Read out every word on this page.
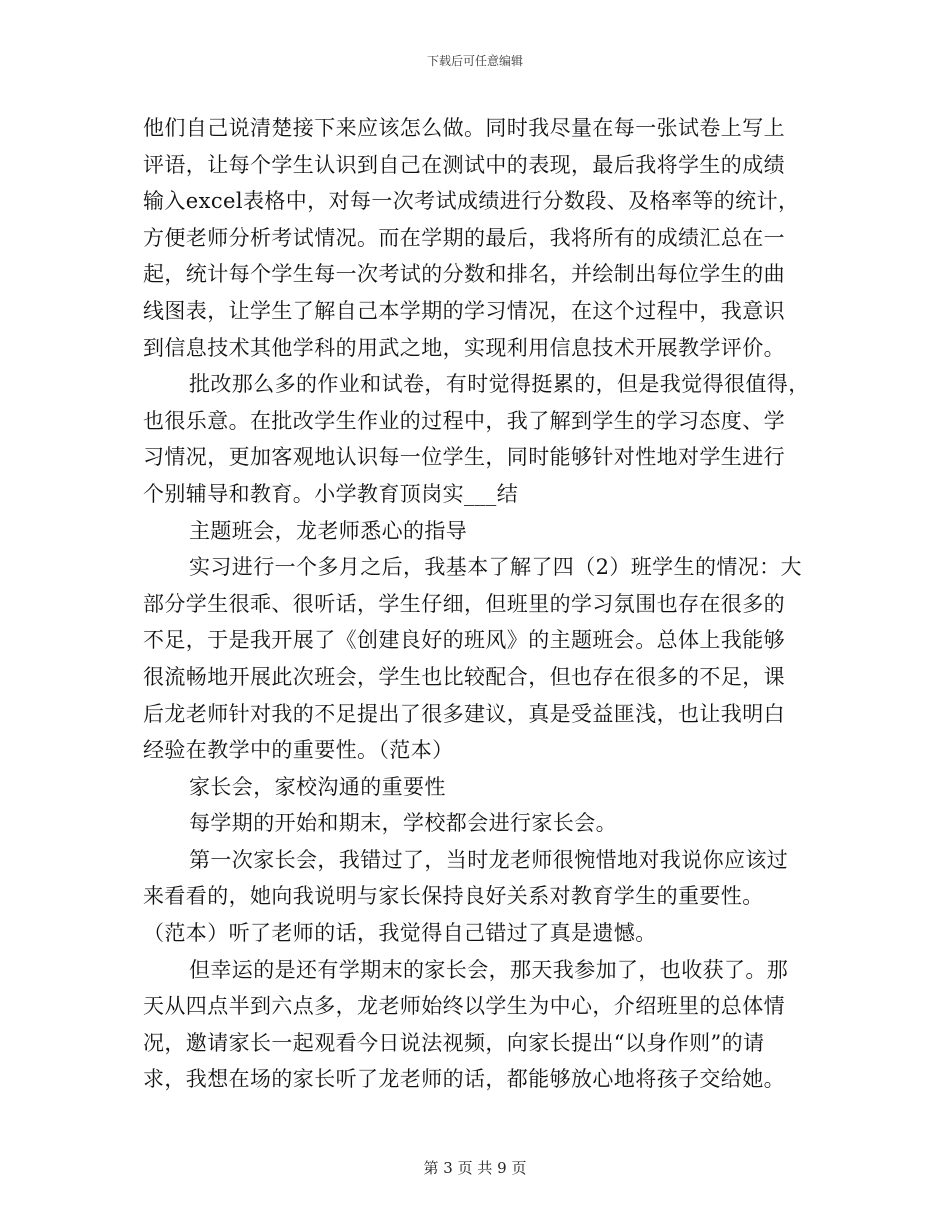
下载后可任意编辑
他们自己说清楚接下来应该怎么做。同时我尽量在每一张试卷上写上
评语，让每个学生认识到自己在测试中的表现，最后我将学生的成绩
输入excel表格中，对每一次考试成绩进行分数段、及格率等的统计，
方便老师分析考试情况。而在学期的最后，我将所有的成绩汇总在一
起，统计每个学生每一次考试的分数和排名，并绘制出每位学生的曲
线图表，让学生了解自己本学期的学习情况，在这个过程中，我意识
到信息技术其他学科的用武之地，实现利用信息技术开展教学评价。
批改那么多的作业和试卷，有时觉得挺累的，但是我觉得很值得，
也很乐意。在批改学生作业的过程中，我了解到学生的学习态度、学
习情况，更加客观地认识每一位学生，同时能够针对性地对学生进行
个别辅导和教育。小学教育顶岗实___结
主题班会，龙老师悉心的指导
实习进行一个多月之后，我基本了解了四（2）班学生的情况：大
部分学生很乖、很听话，学生仔细，但班里的学习氛围也存在很多的
不足，于是我开展了《创建良好的班风》的主题班会。总体上我能够
很流畅地开展此次班会，学生也比较配合，但也存在很多的不足，课
后龙老师针对我的不足提出了很多建议，真是受益匪浅，也让我明白
经验在教学中的重要性。（范本）
家长会，家校沟通的重要性
每学期的开始和期末，学校都会进行家长会。
第一次家长会，我错过了，当时龙老师很惋惜地对我说你应该过
来看看的，她向我说明与家长保持良好关系对教育学生的重要性。
（范本）听了老师的话，我觉得自己错过了真是遗憾。
但幸运的是还有学期末的家长会，那天我参加了，也收获了。那
天从四点半到六点多，龙老师始终以学生为中心，介绍班里的总体情
况，邀请家长一起观看今日说法视频，向家长提出“以身作则”的请
求，我想在场的家长听了龙老师的话，都能够放心地将孩子交给她。
第 3 页 共 9 页
